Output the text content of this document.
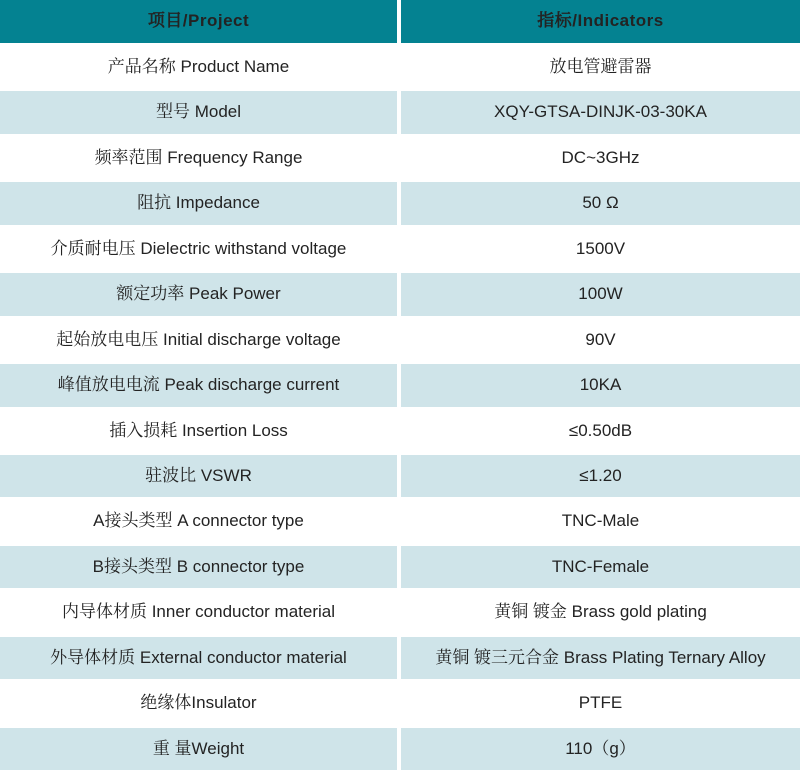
项目/Project	指标/Indicators
产品名称 Product Name	放电管避雷器
型号 Model	XQY-GTSA-DINJK-03-30KA
频率范围 Frequency Range	DC~3GHz
阻抗 Impedance	50 Ω
介质耐电压 Dielectric withstand voltage	1500V
额定功率 Peak Power	100W
起始放电电压 Initial discharge voltage	90V
峰值放电电流 Peak discharge current	10KA
插入损耗 Insertion Loss	≤0.50dB
驻波比 VSWR	≤1.20
A接头类型 A connector type	TNC-Male
B接头类型 B connector type	TNC-Female
内导体材质 Inner conductor material	黄铜 镀金 Brass gold plating
外导体材质 External conductor material	黄铜 镀三元合金 Brass Plating Ternary Alloy
绝缘体Insulator	PTFE
重 量Weight	110（g）
